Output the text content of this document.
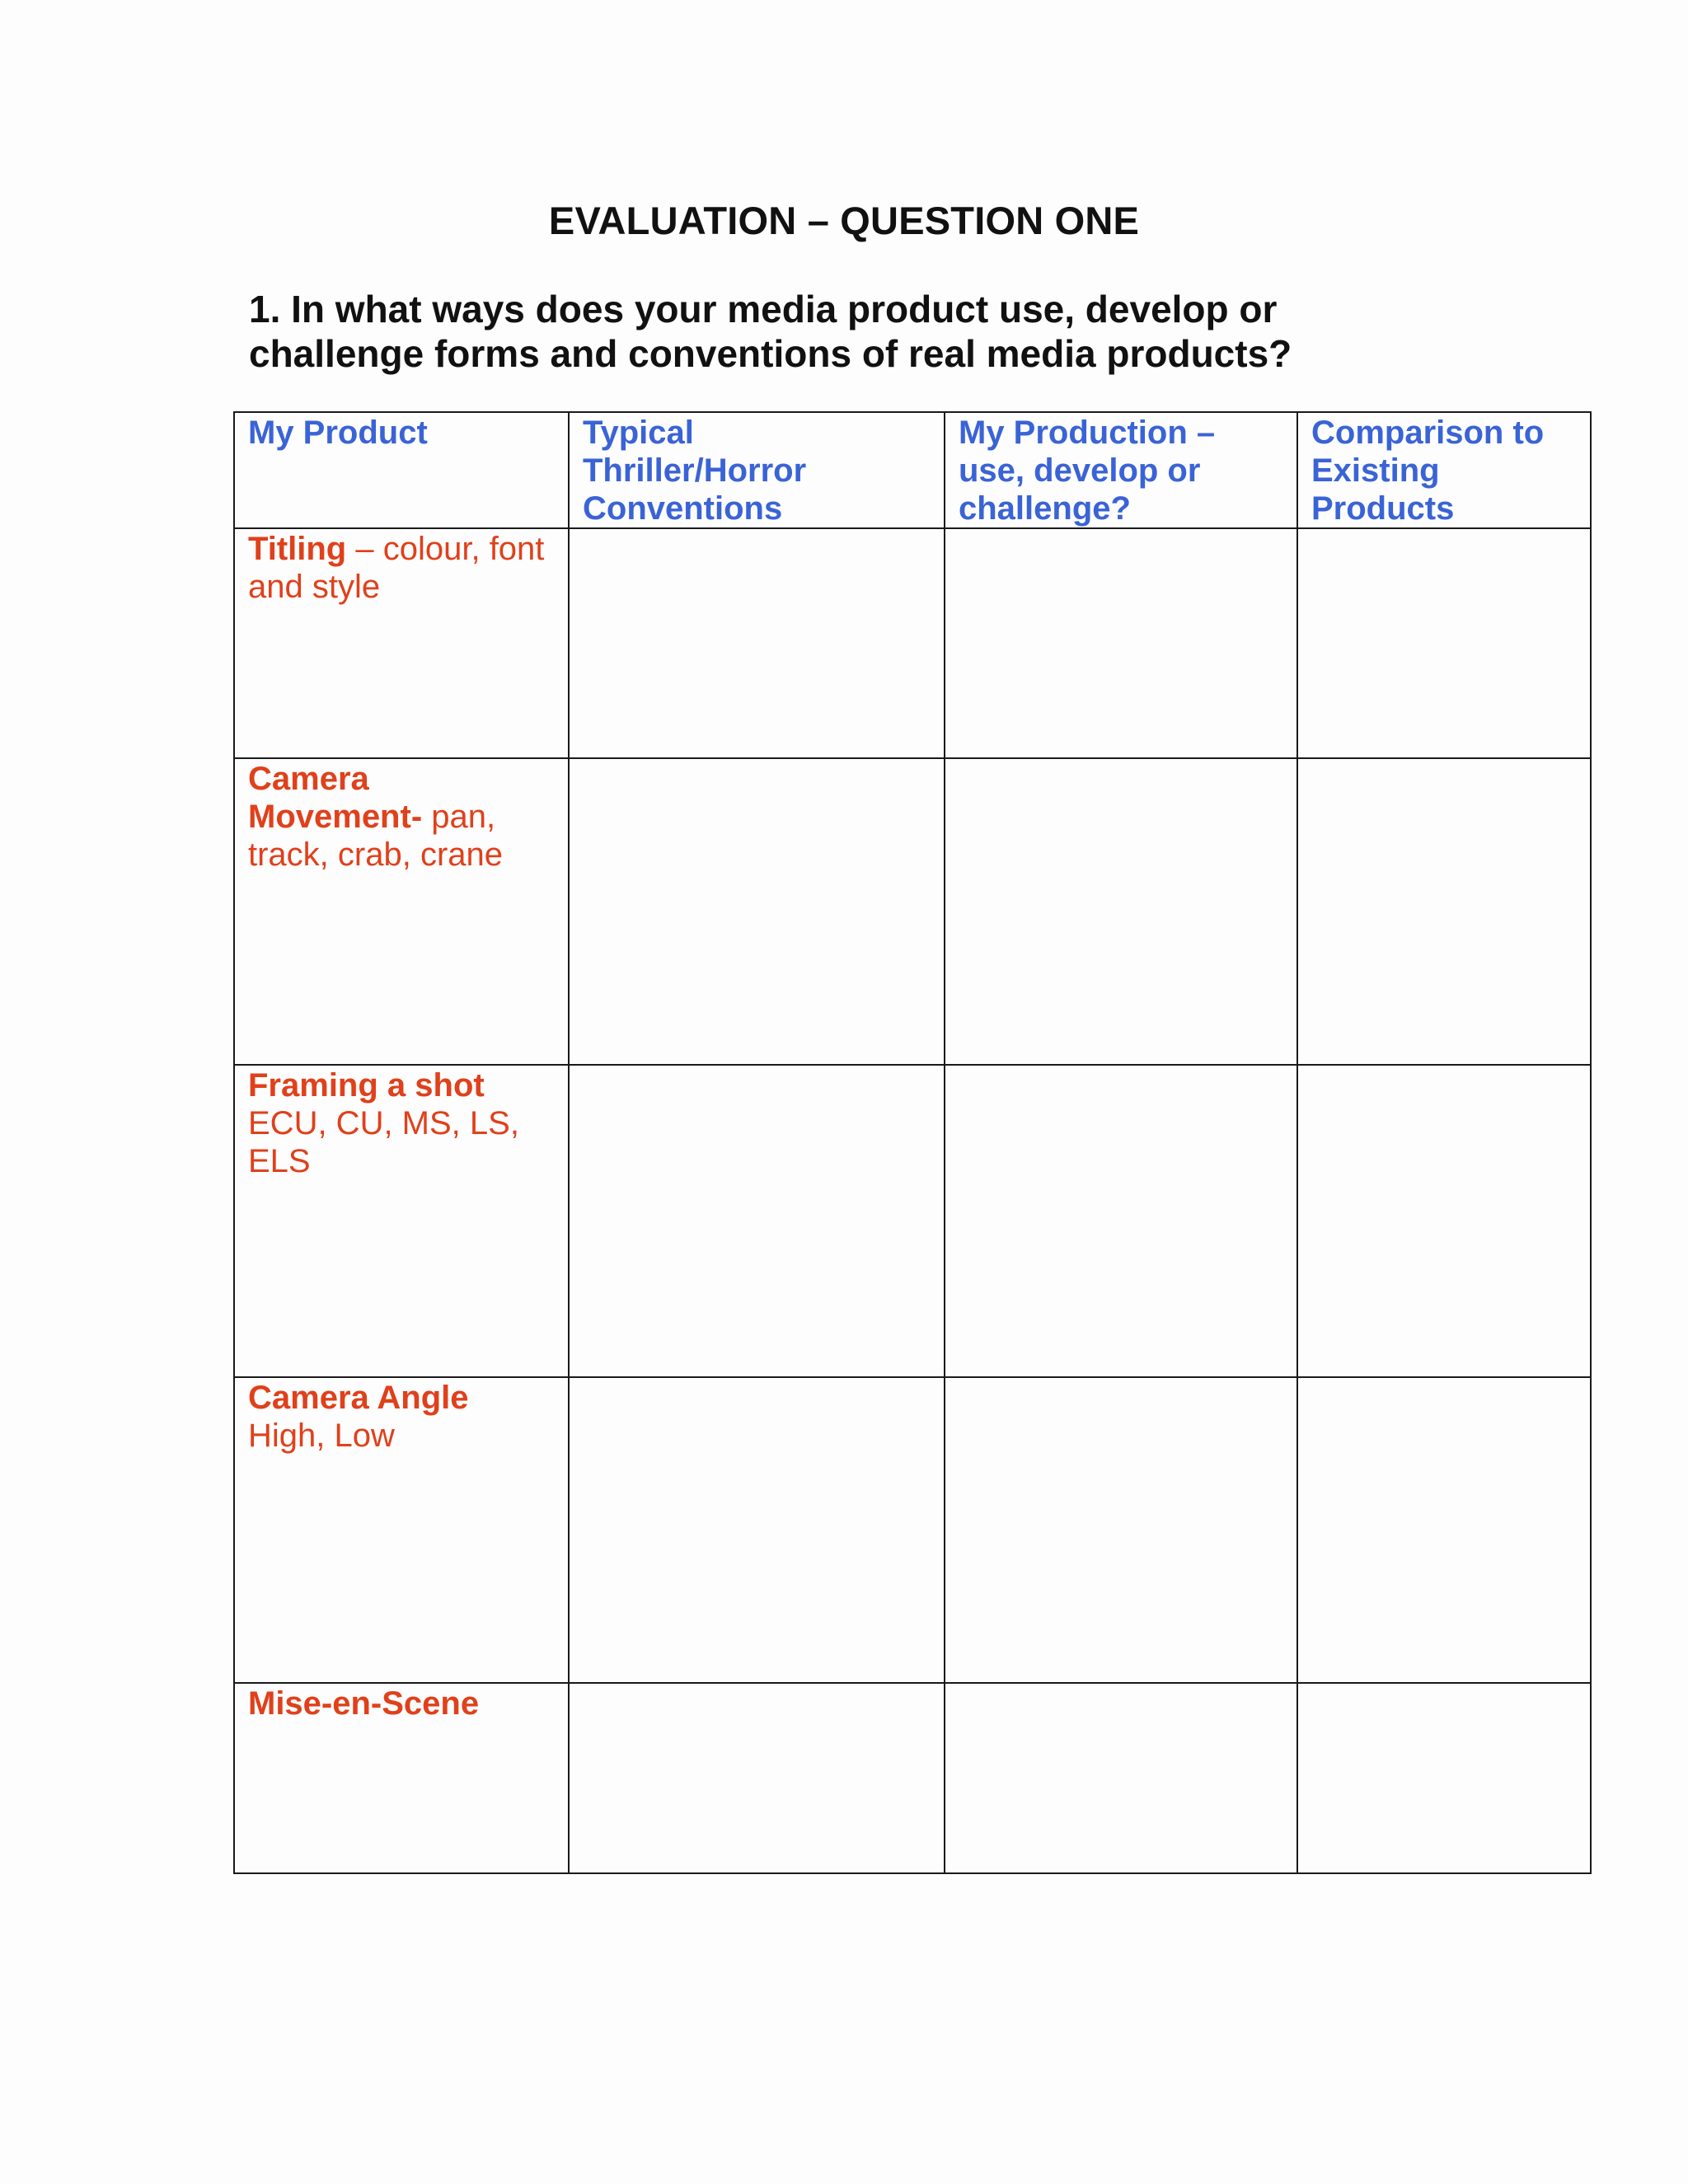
EVALUATION – QUESTION ONE
1. In what ways does your media product use, develop or
challenge forms and conventions of real media products?
My Product	Typical Thriller/Horror Conventions	My Production – use, develop or challenge?	Comparison to Existing Products

Titling – colour, font and style			

Camera Movement- pan, track, crab, crane			

Framing a shot ECU, CU, MS, LS, ELS			

Camera Angle High, Low			

Mise-en-Scene			
